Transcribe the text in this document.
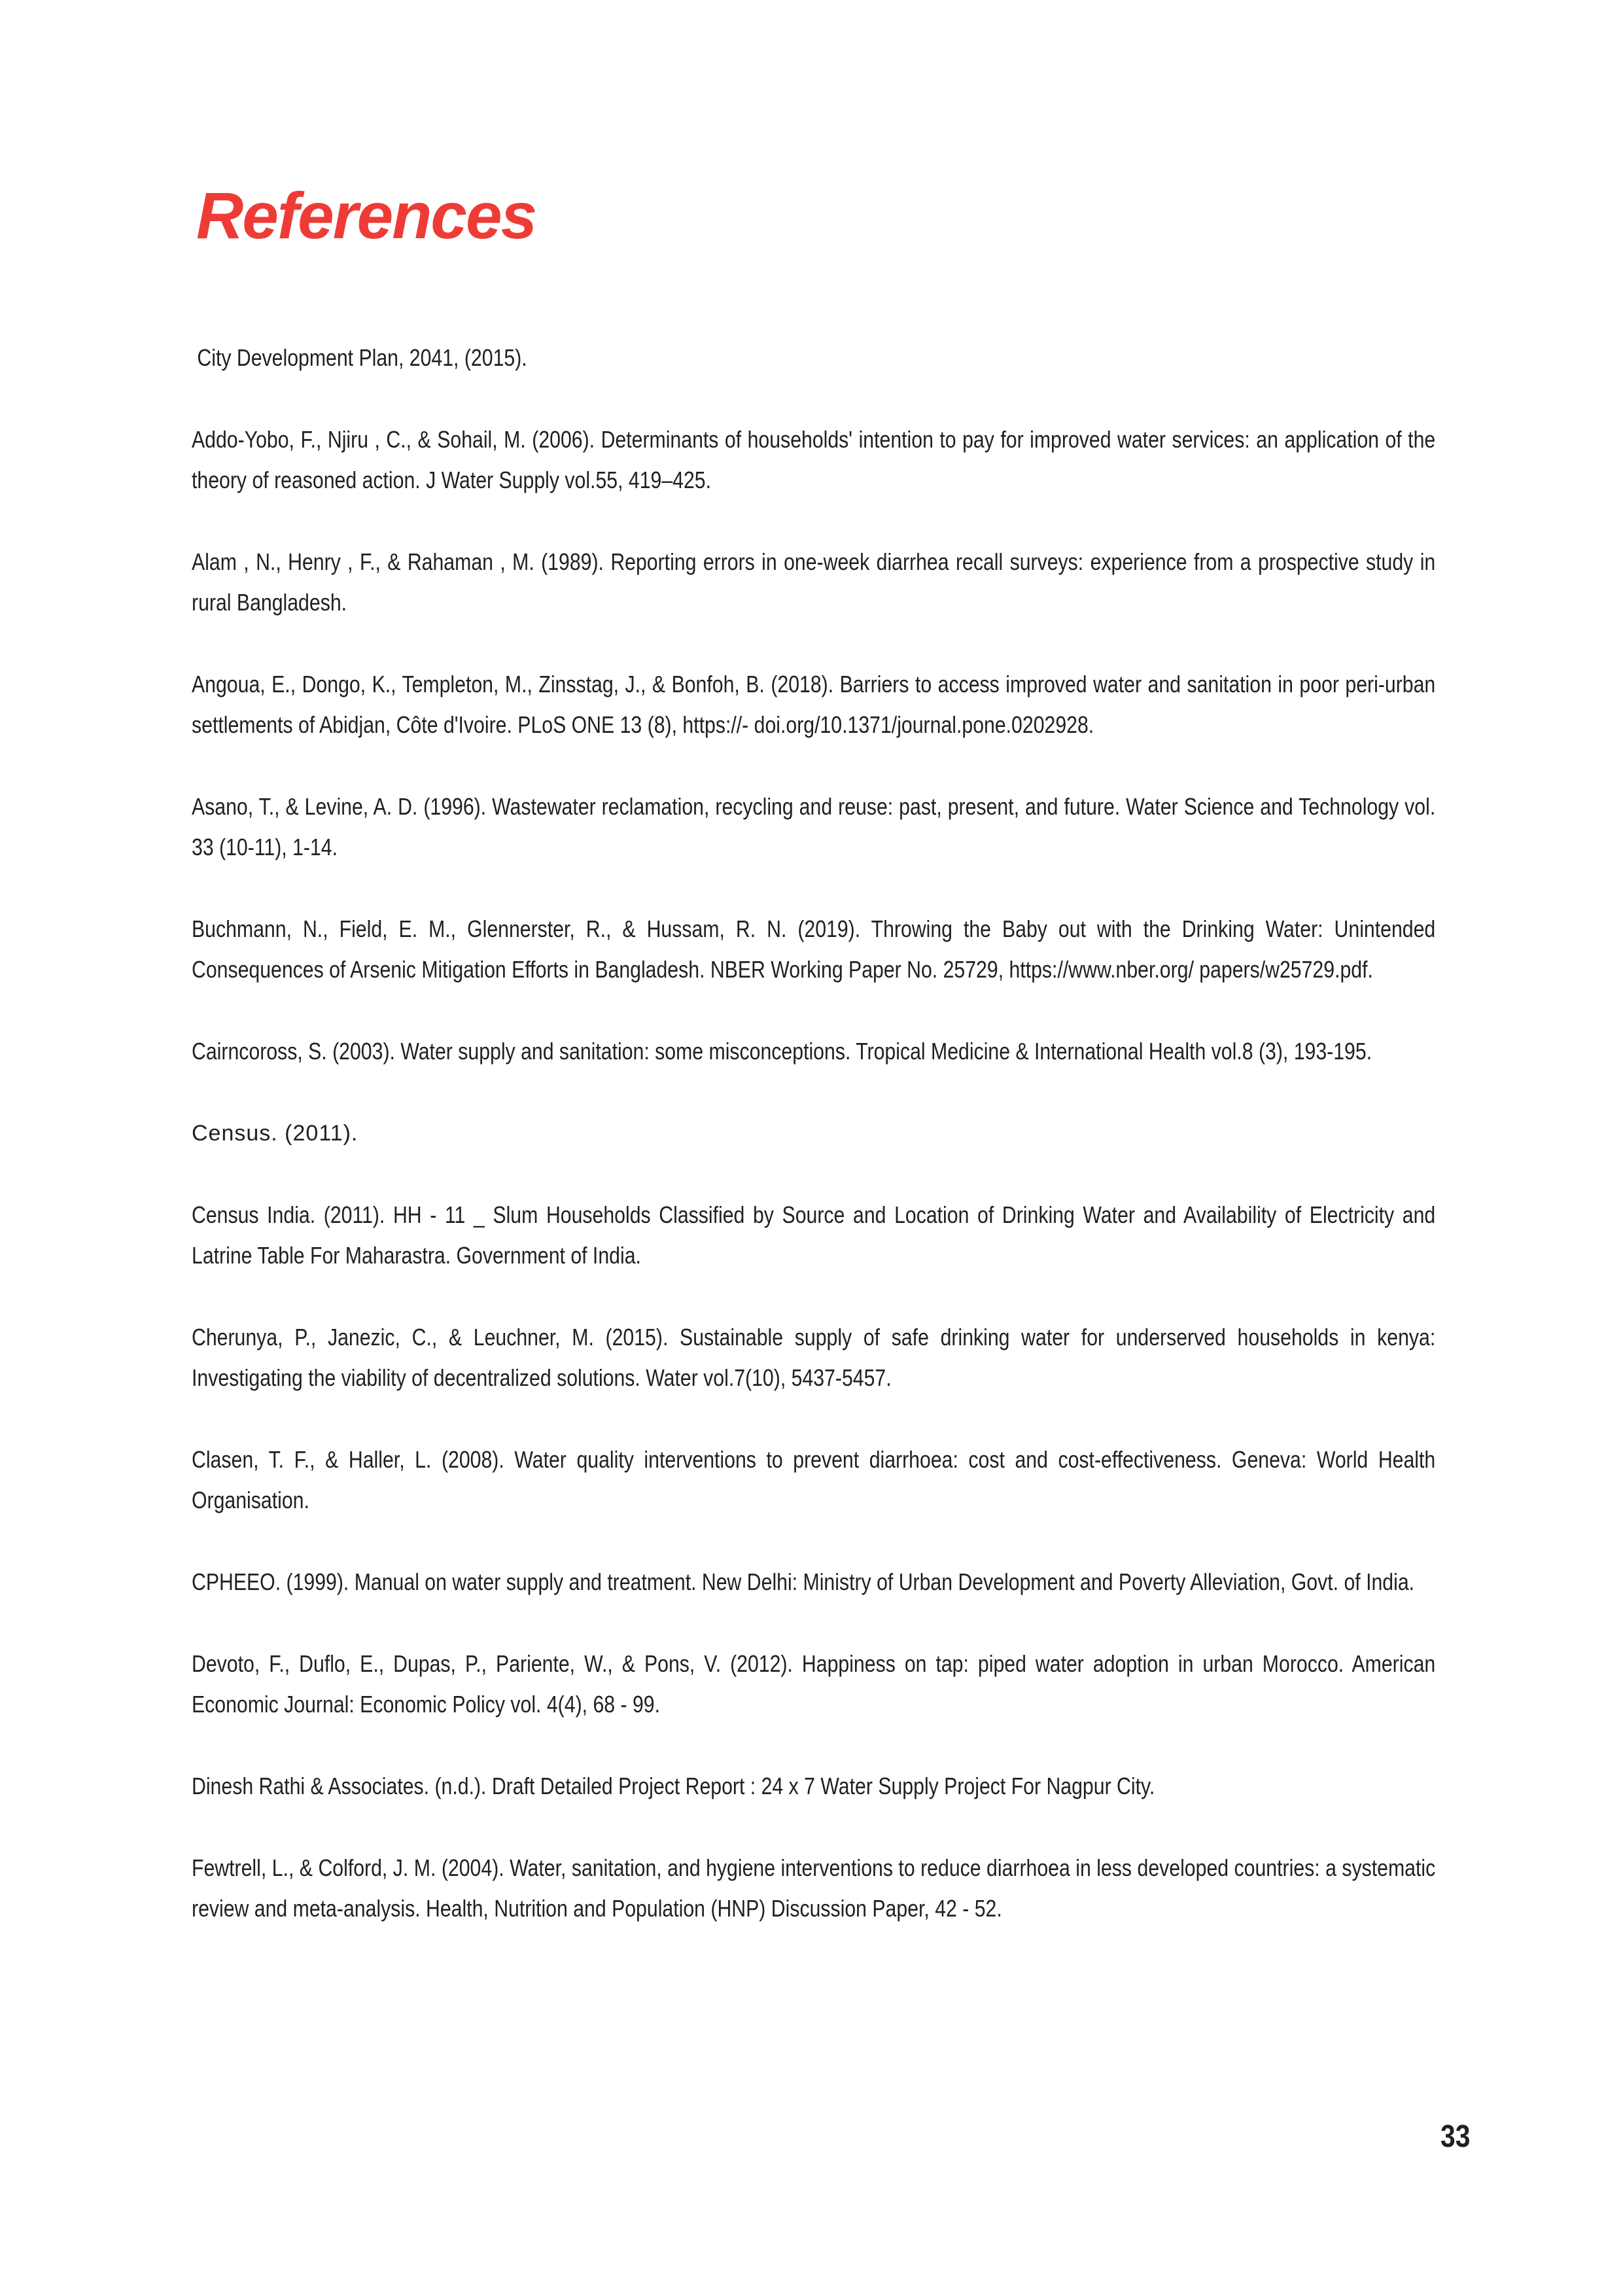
References
City Development Plan, 2041, (2015).
Addo-Yobo, F., Njiru , C., & Sohail, M. (2006). Determinants of households' intention to pay for improved water services: an application of the theory of reasoned action. J Water Supply vol.55, 419–425.
Alam , N., Henry , F., & Rahaman , M. (1989). Reporting errors in one-week diarrhea recall surveys: experience from a prospective study in rural Bangladesh.
Angoua, E., Dongo, K., Templeton, M., Zinsstag, J., & Bonfoh, B. (2018). Barriers to access improved water and sanitation in poor peri-urban settlements of Abidjan, Côte d'Ivoire. PLoS ONE 13 (8), https://- doi.org/10.1371/journal.pone.0202928.
Asano, T., & Levine, A. D. (1996). Wastewater reclamation, recycling and reuse: past, present, and future. Water Science and Technology vol. 33 (10-11), 1-14.
Buchmann, N., Field, E. M., Glennerster, R., & Hussam, R. N. (2019). Throwing the Baby out with the Drinking Water: Unintended Consequences of Arsenic Mitigation Efforts in Bangladesh. NBER Working Paper No. 25729, https://www.nber.org/ papers/w25729.pdf.
Cairncoross, S. (2003). Water supply and sanitation: some misconceptions. Tropical Medicine & International Health vol.8 (3), 193-195.
Census. (2011).
Census India. (2011). HH - 11 _ Slum Households Classified by Source and Location of Drinking Water and Availability of Electricity and Latrine Table For Maharastra. Government of India.
Cherunya, P., Janezic, C., & Leuchner, M. (2015). Sustainable supply of safe drinking water for underserved households in kenya: Investigating the viability of decentralized solutions. Water vol.7(10), 5437-5457.
Clasen, T. F., & Haller, L. (2008). Water quality interventions to prevent diarrhoea: cost and cost-effectiveness. Geneva: World Health Organisation.
CPHEEO. (1999). Manual on water supply and treatment. New Delhi: Ministry of Urban Development and Poverty Alleviation, Govt. of India.
Devoto, F., Duflo, E., Dupas, P., Pariente, W., & Pons, V. (2012). Happiness on tap: piped water adoption in urban Morocco. American Economic Journal: Economic Policy vol. 4(4), 68 - 99.
Dinesh Rathi & Associates. (n.d.). Draft Detailed Project Report : 24 x 7 Water Supply Project For Nagpur City.
Fewtrell, L., & Colford, J. M. (2004). Water, sanitation, and hygiene interventions to reduce diarrhoea in less developed countries: a systematic review and meta-analysis. Health, Nutrition and Population (HNP) Discussion Paper, 42 - 52.
33
